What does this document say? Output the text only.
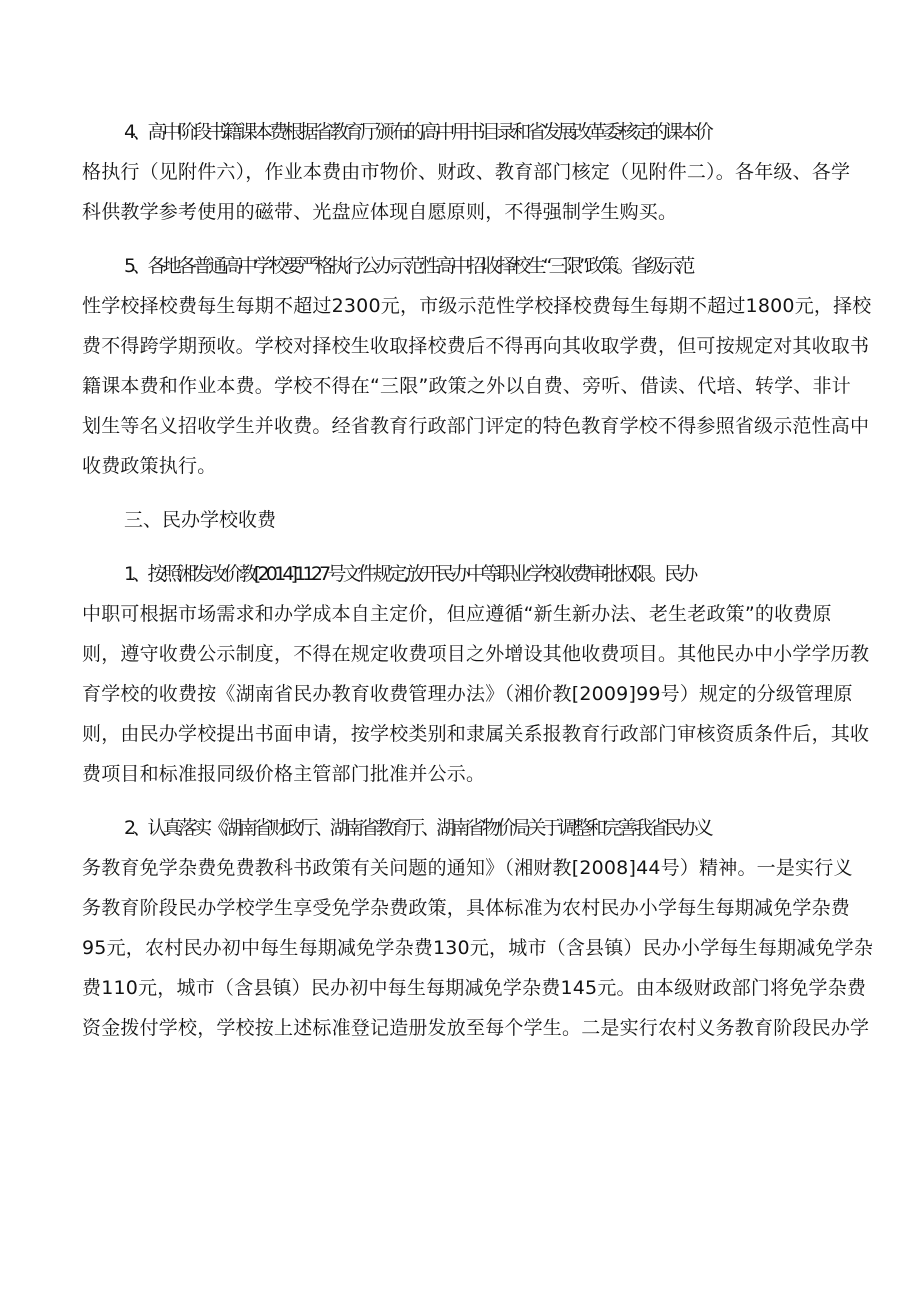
4、高中阶段书籍课本费根据省教育厅颁布的高中用书目录和省发展改革委核定的课本价
格执行（见附件六），作业本费由市物价、财政、教育部门核定（见附件二）。各年级、各学
科供教学参考使用的磁带、光盘应体现自愿原则，不得强制学生购买。

5、各地各普通高中学校要严格执行公办示范性高中招收择校生“三限”政策。省级示范
性学校择校费每生每期不超过2300元，市级示范性学校择校费每生每期不超过1800元，择校
费不得跨学期预收。学校对择校生收取择校费后不得再向其收取学费，但可按规定对其收取书
籍课本费和作业本费。学校不得在“三限”政策之外以自费、旁听、借读、代培、转学、非计
划生等名义招收学生并收费。经省教育行政部门评定的特色教育学校不得参照省级示范性高中
收费政策执行。

三、民办学校收费

1、按照湘发改价教[2014]1127号文件规定,放开民办中等职业学校收费审批权限。民办
中职可根据市场需求和办学成本自主定价，但应遵循“新生新办法、老生老政策”的收费原
则，遵守收费公示制度，不得在规定收费项目之外增设其他收费项目。其他民办中小学学历教
育学校的收费按《湖南省民办教育收费管理办法》（湘价教[2009]99号）规定的分级管理原
则，由民办学校提出书面申请，按学校类别和隶属关系报教育行政部门审核资质条件后，其收
费项目和标准报同级价格主管部门批准并公示。

2、认真落实《湖南省财政厅、湖南省教育厅、湖南省物价局关于调整和完善我省民办义
务教育免学杂费免费教科书政策有关问题的通知》（湘财教[2008]44号）精神。一是实行义
务教育阶段民办学校学生享受免学杂费政策，具体标准为农村民办小学每生每期减免学杂费
95元，农村民办初中每生每期减免学杂费130元，城市（含县镇）民办小学每生每期减免学杂
费110元，城市（含县镇）民办初中每生每期减免学杂费145元。由本级财政部门将免学杂费
资金拨付学校，学校按上述标准登记造册发放至每个学生。二是实行农村义务教育阶段民办学
